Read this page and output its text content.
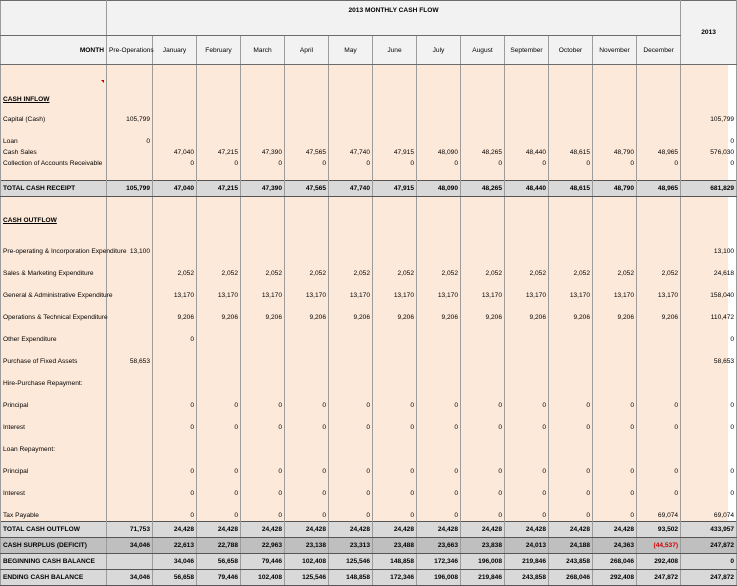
	2013 MONTHLY CASH FLOW													2013
MONTH	Pre-Operations	January	February	March	April	May	June	July	August	September	October	November	December	

CASH INFLOW														

Capital (Cash)	105,799													105,799

Loan	0													0
Cash Sales		47,040	47,215	47,390	47,565	47,740	47,915	48,090	48,265	48,440	48,615	48,790	48,965	576,030
Collection of Accounts Receivable		0	0	0	0	0	0	0	0	0	0	0	0	0

TOTAL CASH RECEIPT	105,799	47,040	47,215	47,390	47,565	47,740	47,915	48,090	48,265	48,440	48,615	48,790	48,965	681,829

CASH OUTFLOW														

Pre-operating & Incorporation Expenditure	13,100													13,100

Sales & Marketing Expenditure		2,052	2,052	2,052	2,052	2,052	2,052	2,052	2,052	2,052	2,052	2,052	2,052	24,618

General & Administrative Expenditure		13,170	13,170	13,170	13,170	13,170	13,170	13,170	13,170	13,170	13,170	13,170	13,170	158,040

Operations & Technical Expenditure		9,206	9,206	9,206	9,206	9,206	9,206	9,206	9,206	9,206	9,206	9,206	9,206	110,472

Other Expenditure		0												0

Purchase of Fixed Assets	58,653													58,653

Hire-Purchase Repayment:														

Principal		0	0	0	0	0	0	0	0	0	0	0	0	0

Interest		0	0	0	0	0	0	0	0	0	0	0	0	0

Loan Repayment:														

Principal		0	0	0	0	0	0	0	0	0	0	0	0	0

Interest		0	0	0	0	0	0	0	0	0	0	0	0	0

Tax Payable		0	0	0	0	0	0	0	0	0	0	0	69,074	69,074
TOTAL CASH OUTFLOW	71,753	24,428	24,428	24,428	24,428	24,428	24,428	24,428	24,428	24,428	24,428	24,428	93,502	433,957
CASH SURPLUS (DEFICIT)	34,046	22,613	22,788	22,963	23,138	23,313	23,488	23,663	23,838	24,013	24,188	24,363	(44,537)	247,872
BEGINNING CASH BALANCE		34,046	56,658	79,446	102,408	125,546	148,858	172,346	196,008	219,846	243,858	268,046	292,408	0
ENDING CASH BALANCE	34,046	56,658	79,446	102,408	125,546	148,858	172,346	196,008	219,846	243,858	268,046	292,408	247,872	247,872
